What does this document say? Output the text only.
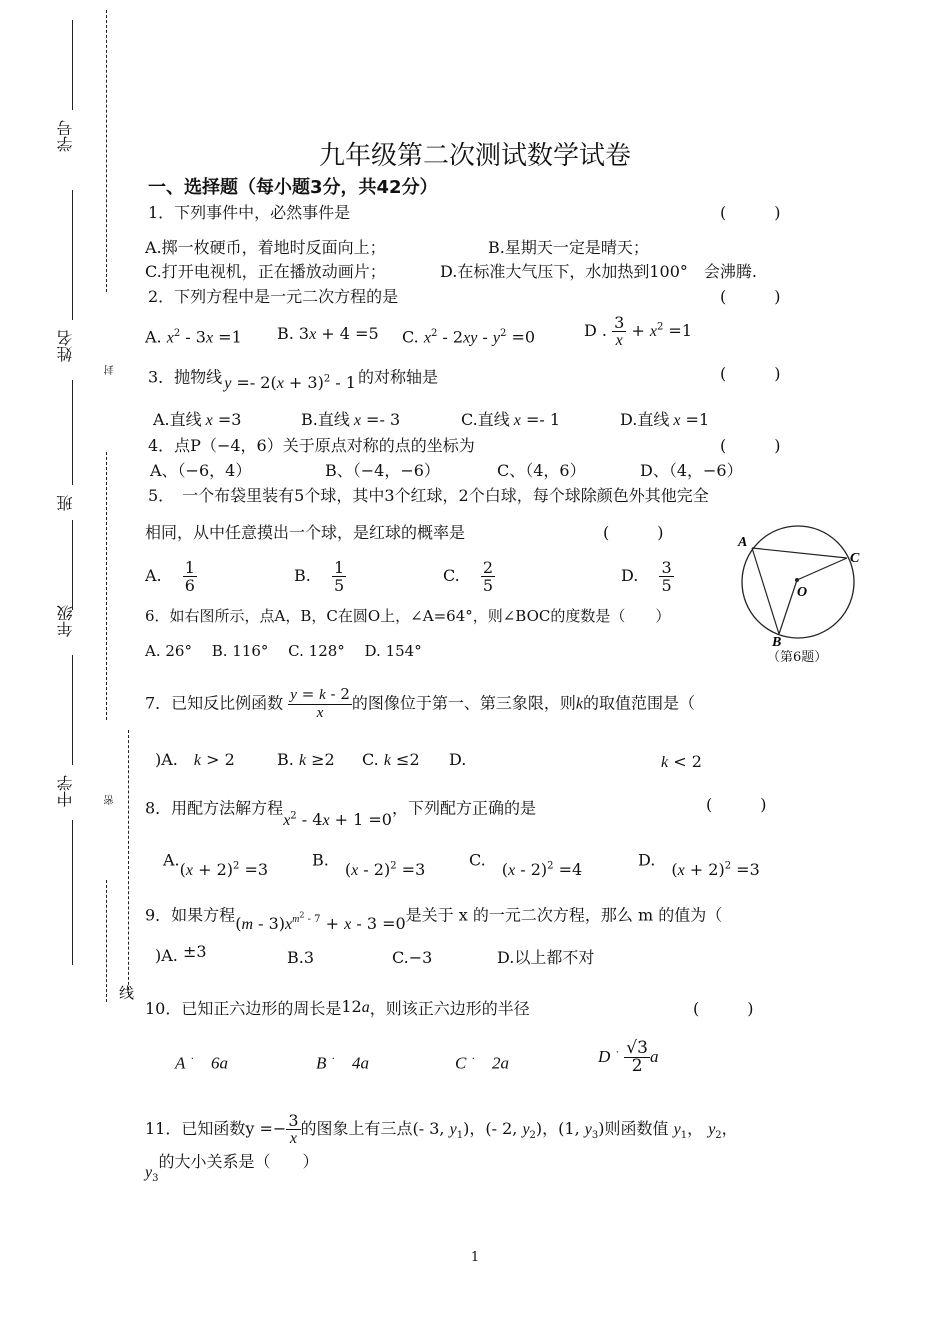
封
密
线
学号
姓名
班
年级
中学
九年级第二次测试数学试卷
一、选择题（每小题3分，共42分）
1．下列事件中，必然事件是	(　　　)
A.掷一枚硬币，着地时反面向上；	B.星期天一定是晴天；
C.打开电视机，正在播放动画片；	D.在标准大气压下，水加热到100°　会沸腾.
2．下列方程中是一元二次方程的是	(　　　)
A. $x^2 - 3x =1$ B. 3x + 4 =5 C. $x^2 - 2xy - y^2 =0$	D . $\frac{3}{x} + x^2 =1$
3．抛物线 $y =- 2(x + 3)^2 - 1$ 的对称轴是	(　　　)
A.直线 x =3	B.直线 x =- 3	C.直线 x =- 1	D.直线 x =1
4．点P（−4，6）关于原点对称的点的坐标为	(　　　)
A、（−6，4）	B、（−4，−6）	C、（4，6）	D、（4，−6）
5．　一个布袋里装有5个球，其中3个红球，2个白球，每个球除颜色外其他完全
相同，从中任意摸出一个球，是红球的概率是	(　　　)
A.　 $\frac{1}{6}$	B.　 $\frac{1}{5}$	C.　 $\frac{2}{5}$	D.　 $\frac{3}{5}$
A
C
O
B
（第6题）
6．如右图所示，点A，B，C在圆O上，∠A=64°，则∠BOC的度数是（　　）
A. 26°　 B. 116°　 C. 128°　 D. 154°
7．已知反比例函数 $\frac{y = k - 2}{x}$ 的图像位于第一、第三象限，则k的取值范围是（
)A.　 k > 2	B. k ≥2 C. k ≤2 D.	k < 2
8．用配方法解方程$x^2 - 4x + 1 =0$，下列配方正确的是	(　　　)
$A.(x + 2)^2 =3$
B.　(x - 2)$^2$ =3
C.　(x - 2)$^2$ =4
D.　$(x + 2)^2 =3$
9．如果方程$(m - 3)x^{m^2 - 7} + x - 3 =0$是关于 x 的一元二次方程，那么 m 的值为（
)A. ±3	B.3	C.−3	D.以上都不对
10．已知正六边形的周长是12a，则该正六边形的半径	(　　　)
A ·　 6a	B ·　 4a	C ·　 2a	D $^\cdot \frac{√3}{2}$ a
11．已知函数$y =- \frac{3}{x}$ 的图象上有三点(- 3, $y_1$)，(- 2, $y_2$)，(1, $y_3$)则函数值 $y_1$， $y_2$，
$y_3$的大小关系是（　　）
1
